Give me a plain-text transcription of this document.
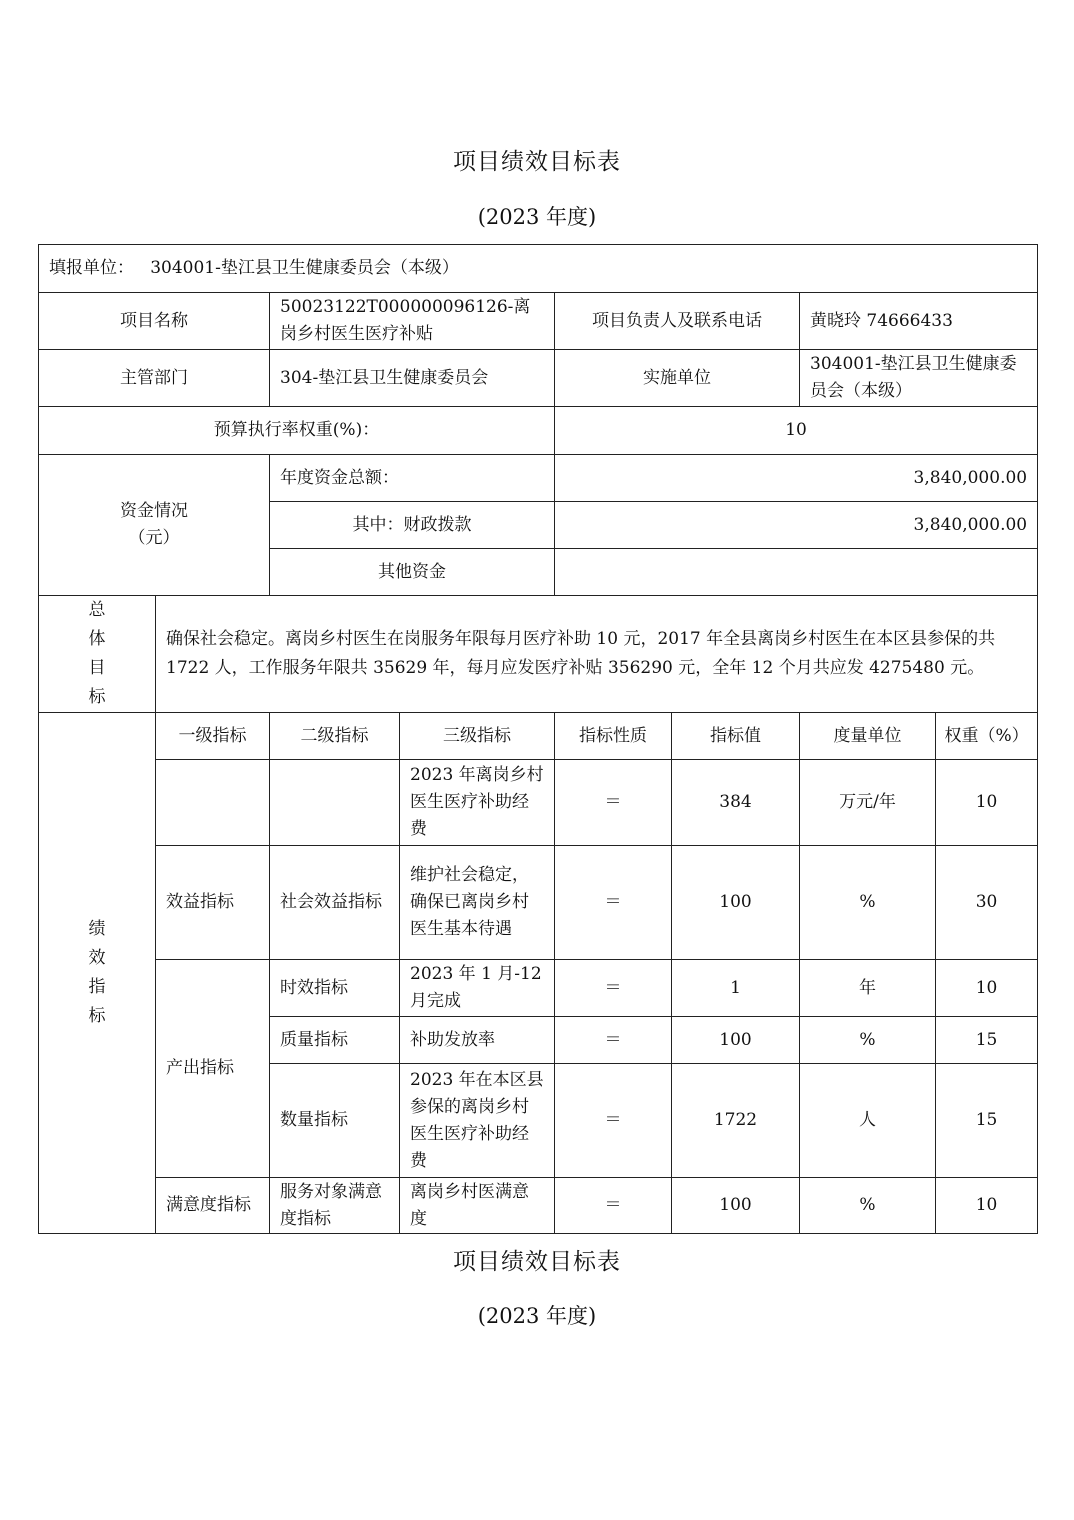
项目绩效目标表
(2023 年度)
填报单位： 304001-垫江县卫生健康委员会（本级）							
项目名称		50023122T000000096126-离岗乡村医生医疗补贴		项目负责人及联系电话		黄晓玲 74666433	
主管部门		304-垫江县卫生健康委员会		实施单位		304001-垫江县卫生健康委员会（本级）	
预算执行率权重(%)：				10			
资金情况（元）		年度资金总额：		3,840,000.00			
		其中：财政拨款		3,840,000.00			
		其他资金					
总体目标	确保社会稳定。离岗乡村医生在岗服务年限每月医疗补助 10 元，2017 年全县离岗乡村医生在本区县参保的共 1722 人，工作服务年限共 35629 年，每月应发医疗补贴 356290 元，全年 12 个月共应发 4275480 元。						
绩效指标	一级指标	二级指标	三级指标	指标性质	指标值	度量单位	权重（%）
			2023 年离岗乡村医生医疗补助经费	＝	384	万元/年	10
	效益指标	社会效益指标	维护社会稳定，确保已离岗乡村医生基本待遇	＝	100	%	30
	产出指标	时效指标	2023 年 1 月-12 月完成	＝	1	年	10
		质量指标	补助发放率	＝	100	%	15
		数量指标	2023 年在本区县参保的离岗乡村医生医疗补助经费	＝	1722	人	15
	满意度指标	服务对象满意度指标	离岗乡村医满意度	＝	100	%	10
项目绩效目标表
(2023 年度)
